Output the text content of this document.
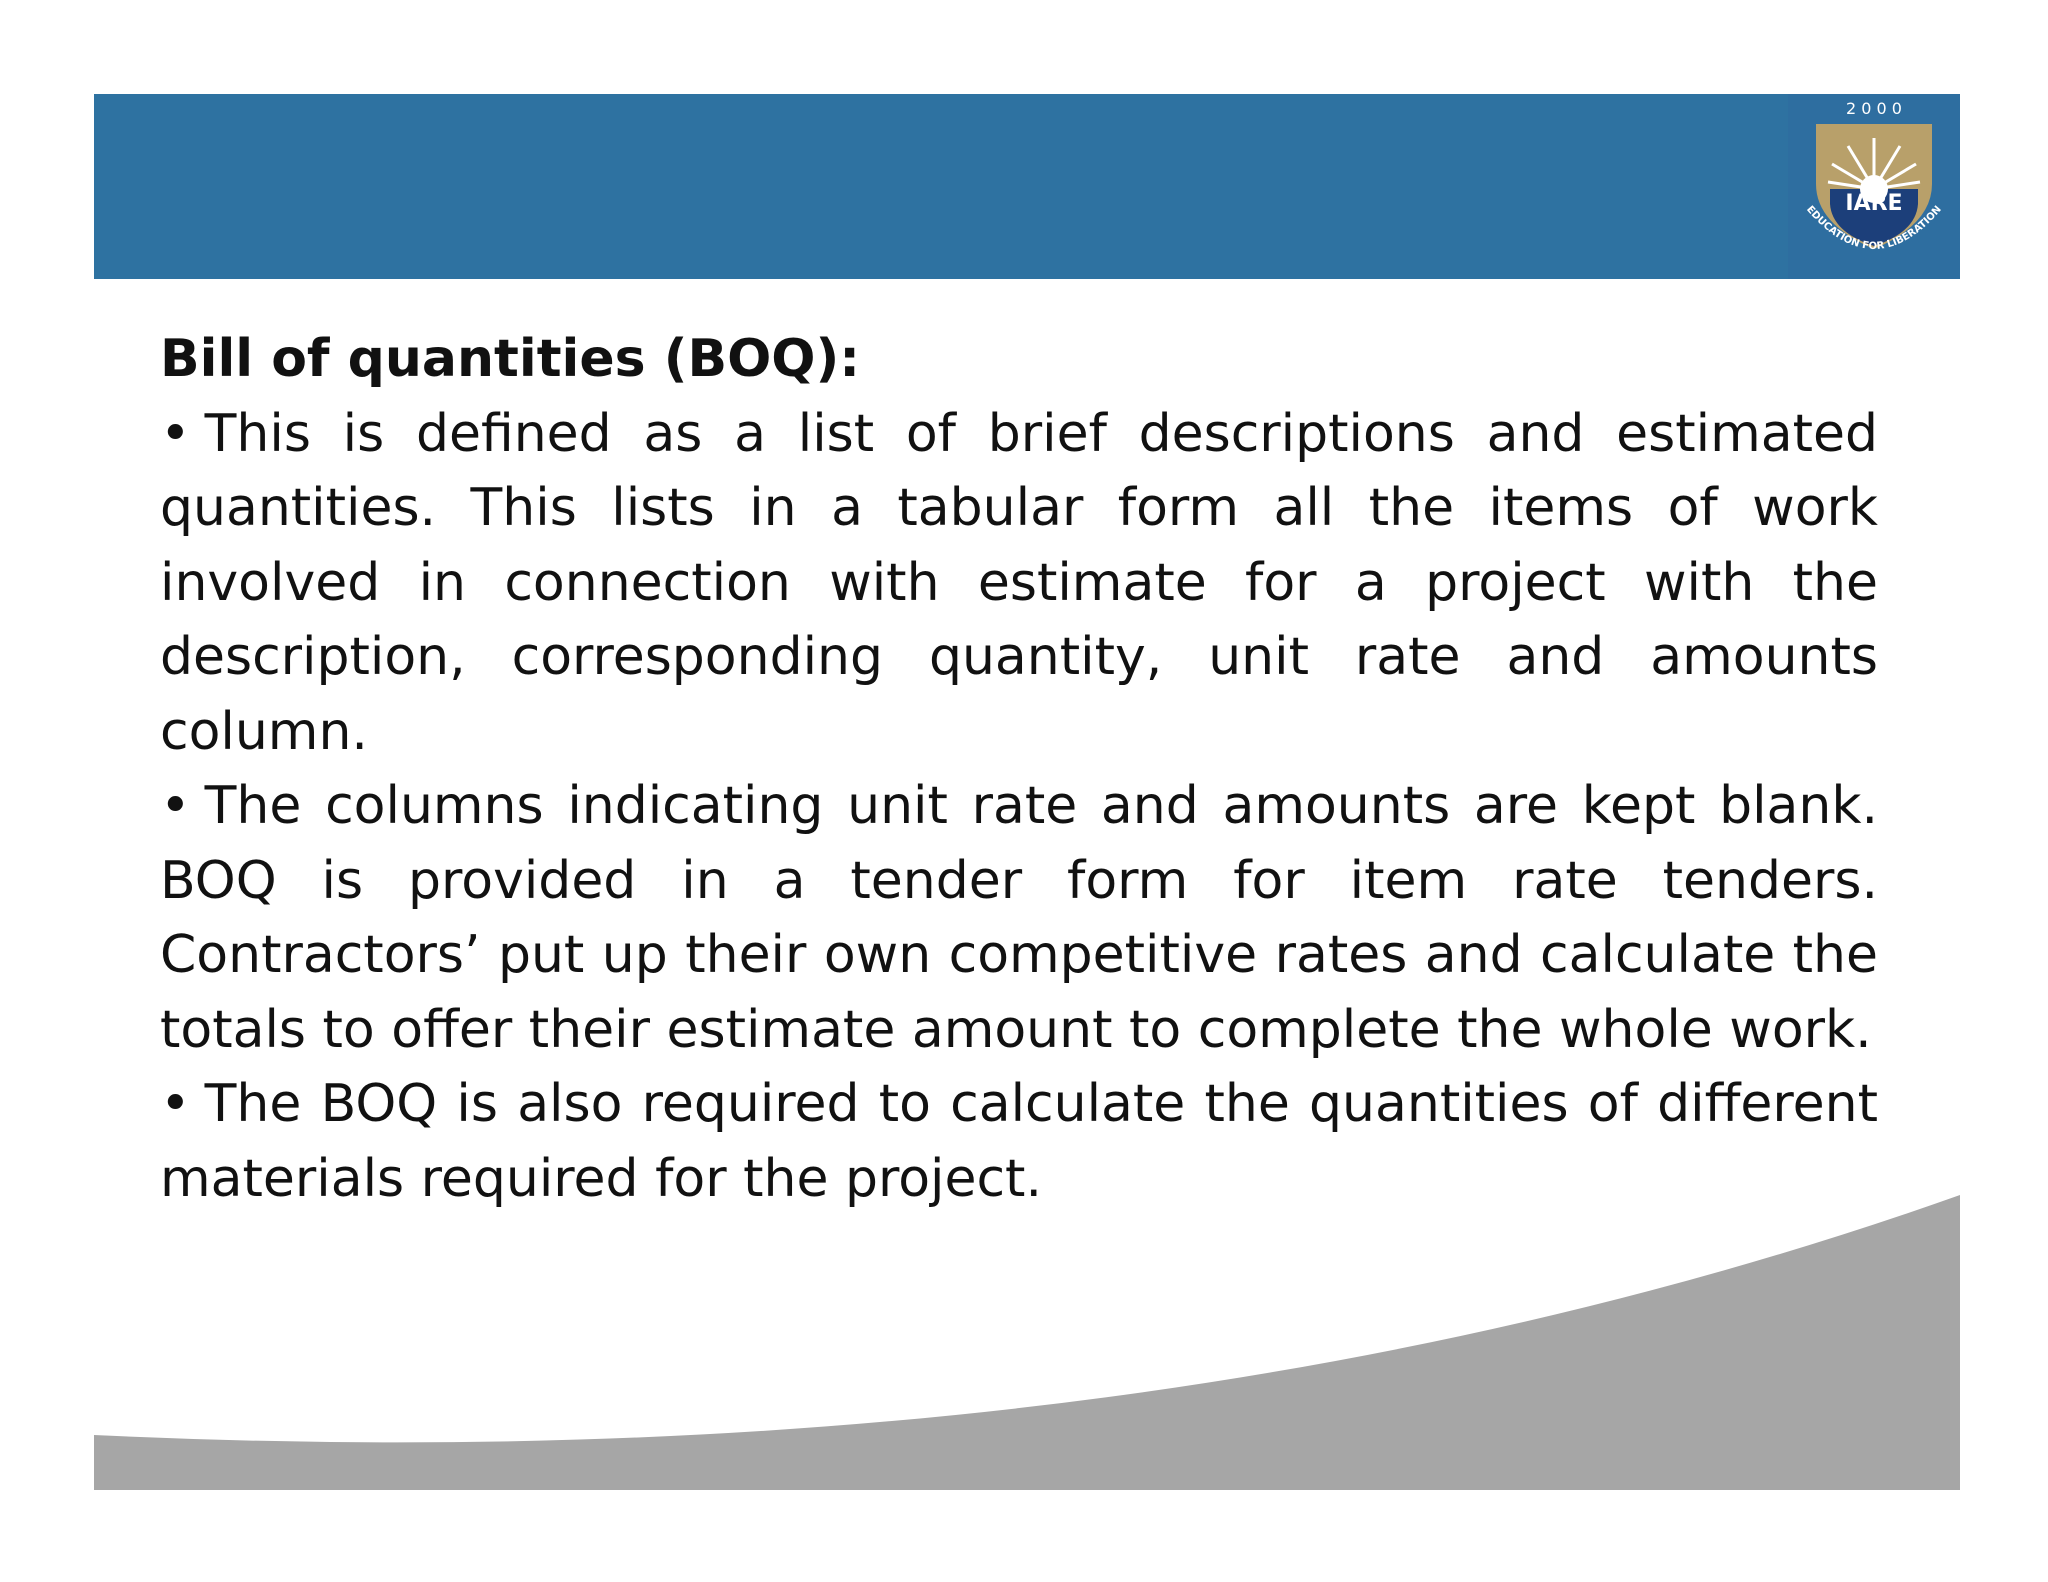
2 0 0 0
IARE
EDUCATION FOR LIBERATION

Bill of quantities (BOQ):

• This is defined as a list of brief descriptions and estimated quantities. This lists in a tabular form all the items of work involved in connection with estimate for a project with the description, corresponding quantity, unit rate and amounts column.

• The columns indicating unit rate and amounts are kept blank. BOQ is provided in a tender form for item rate tenders. Contractors’ put up their own competitive rates and calculate the totals to offer their estimate amount to complete the whole work.

• The BOQ is also required to calculate the quantities of different materials required for the project.
